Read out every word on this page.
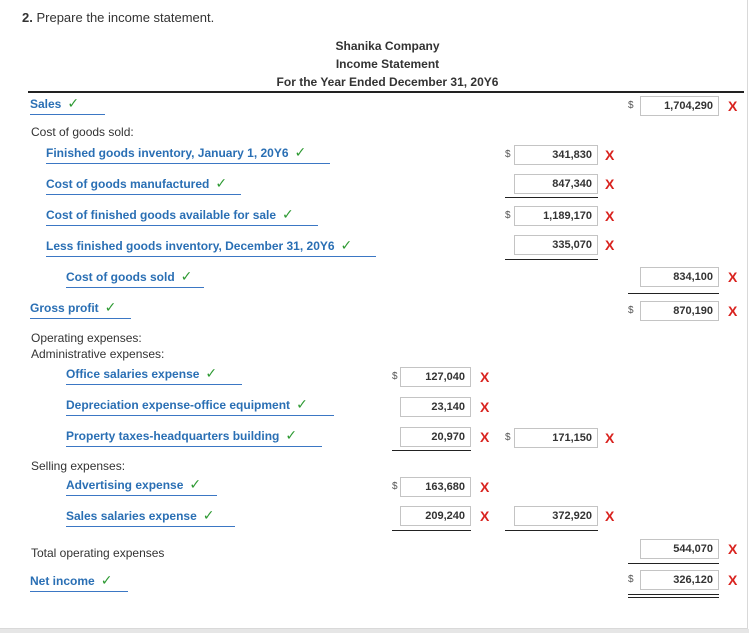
2. Prepare the income statement.
Shanika Company
Income Statement
For the Year Ended December 31, 20Y6
Sales ✓	$	1,704,290	X
Cost of goods sold:
Finished goods inventory, January 1, 20Y6 ✓	$	341,830 X
Cost of goods manufactured ✓	847,340 X
Cost of finished goods available for sale ✓	$	1,189,170 X
Less finished goods inventory, December 31, 20Y6 ✓	335,070 X
Cost of goods sold ✓	834,100	X
Gross profit ✓	$	870,190	X
Operating expenses:
Administrative expenses:
Office salaries expense ✓	$	127,040	X
Depreciation expense-office equipment ✓	23,140	X
Property taxes-headquarters building ✓	20,970	X $	171,150 X
Selling expenses:
Advertising expense ✓	$	163,680	X
Sales salaries expense ✓	209,240	X	372,920 X
Total operating expenses	544,070	X
Net income ✓	$	326,120	X
